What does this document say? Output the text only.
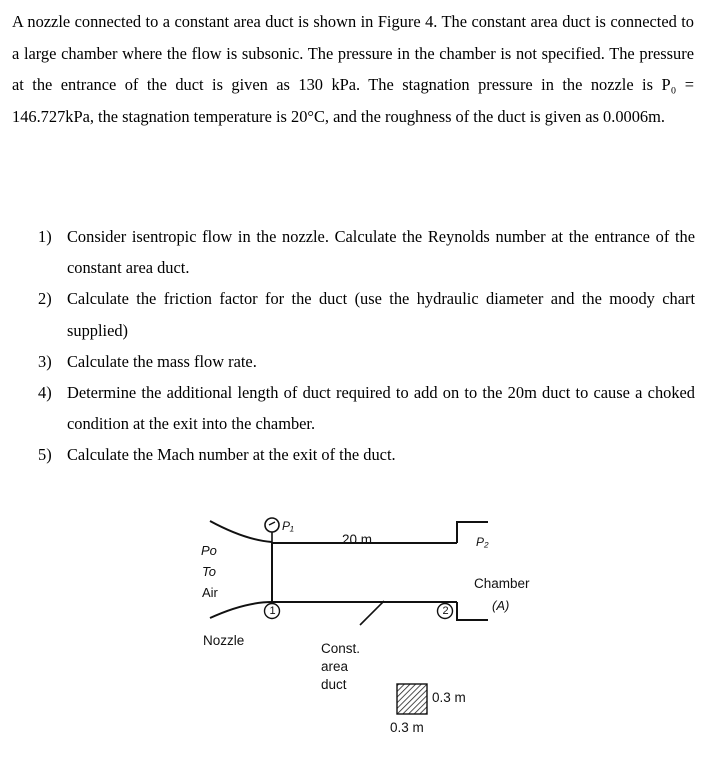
A nozzle connected to a constant area duct is shown in Figure 4. The constant area duct is connected to a large chamber where the flow is subsonic. The pressure in the chamber is not specified. The pressure at the entrance of the duct is given as 130 kPa. The stagnation pressure in the nozzle is P₀ = 146.727kPa, the stagnation temperature is 20°C, and the roughness of the duct is given as 0.0006m.

1) Consider isentropic flow in the nozzle. Calculate the Reynolds number at the entrance of the constant area duct.
2) Calculate the friction factor for the duct (use the hydraulic diameter and the moody chart supplied)
3) Calculate the mass flow rate.
4) Determine the additional length of duct required to add on to the 20m duct to cause a choked condition at the exit into the chamber.
5) Calculate the Mach number at the exit of the duct.
1	2
Po
To
Air
P₁
20 m	P₂
Chamber
(A)
Nozzle
Const.
area
duct
0.3 m
0.3 m
